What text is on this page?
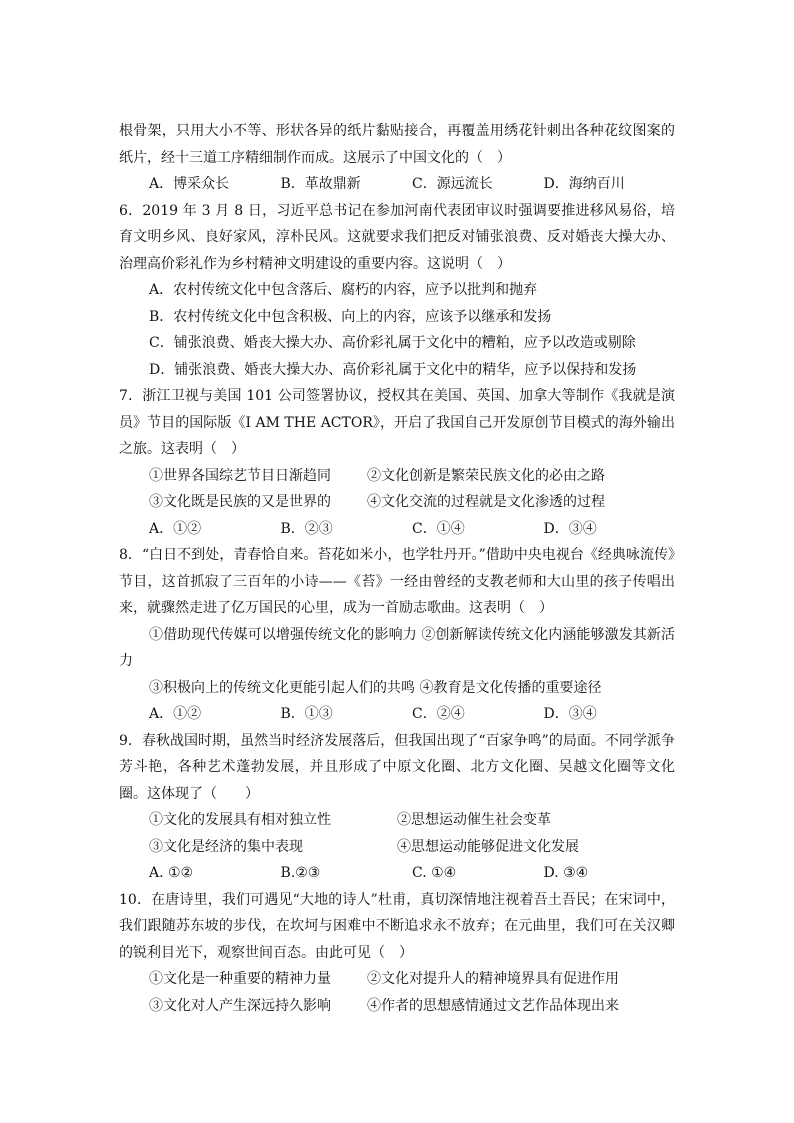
根骨架，只用大小不等、形状各异的纸片黏贴接合，再覆盖用绣花针刺出各种花纹图案的纸片，经十三道工序精细制作而成。这展示了中国文化的（　）

A．博采众长	B．革故鼎新	C．源远流长	D．海纳百川

6．2019 年 3 月 8 日，习近平总书记在参加河南代表团审议时强调要推进移风易俗，培育文明乡风、良好家风，淳朴民风。这就要求我们把反对铺张浪费、反对婚丧大操大办、治理高价彩礼作为乡村精神文明建设的重要内容。这说明（　）

A．农村传统文化中包含落后、腐朽的内容，应予以批判和抛弃

B．农村传统文化中包含积极、向上的内容，应该予以继承和发扬

C．铺张浪费、婚丧大操大办、高价彩礼属于文化中的糟粕，应予以改造或剔除

D．铺张浪费、婚丧大操大办、高价彩礼属于文化中的精华，应予以保持和发扬

7．浙江卫视与美国 101 公司签署协议，授权其在美国、英国、加拿大等制作《我就是演员》节目的国际版《I AM THE ACTOR》，开启了我国自己开发原创节目模式的海外输出之旅。这表明（　）

①世界各国综艺节目日渐趋同	②文化创新是繁荣民族文化的必由之路
③文化既是民族的又是世界的	④文化交流的过程就是文化渗透的过程
A．①②	B．②③	C．①④	D．③④

8．“白日不到处，青春恰自来。苔花如米小，也学牡丹开。”借助中央电视台《经典咏流传》节目，这首抓寂了三百年的小诗——《苔》一经由曾经的支教老师和大山里的孩子传唱出来，就骤然走进了亿万国民的心里，成为一首励志歌曲。这表明（　）

①借助现代传媒可以增强传统文化的影响力 ②创新解读传统文化内涵能够激发其新活力

③积极向上的传统文化更能引起人们的共鸣 ④教育是文化传播的重要途径

A．①②	B．①③	C．②④	D．③④

9．春秋战国时期，虽然当时经济发展落后，但我国出现了“百家争鸣”的局面。不同学派争芳斗艳，各种艺术蓬勃发展，并且形成了中原文化圈、北方文化圈、吴越文化圈等文化圈。这体现了（　　）

①文化的发展具有相对独立性	②思想运动催生社会变革
③文化是经济的集中表现	④思想运动能够促进文化发展
A. ①②	B.②③	C. ①④	D. ③④

10．在唐诗里，我们可遇见“大地的诗人”杜甫，真切深情地注视着吾土吾民；在宋词中，我们跟随苏东坡的步伐，在坎坷与困难中不断追求永不放弃；在元曲里，我们可在关汉卿的锐利目光下，观察世间百态。由此可见（　）

①文化是一种重要的精神力量	②文化对提升人的精神境界具有促进作用
③文化对人产生深远持久影响	④作者的思想感情通过文艺作品体现出来
